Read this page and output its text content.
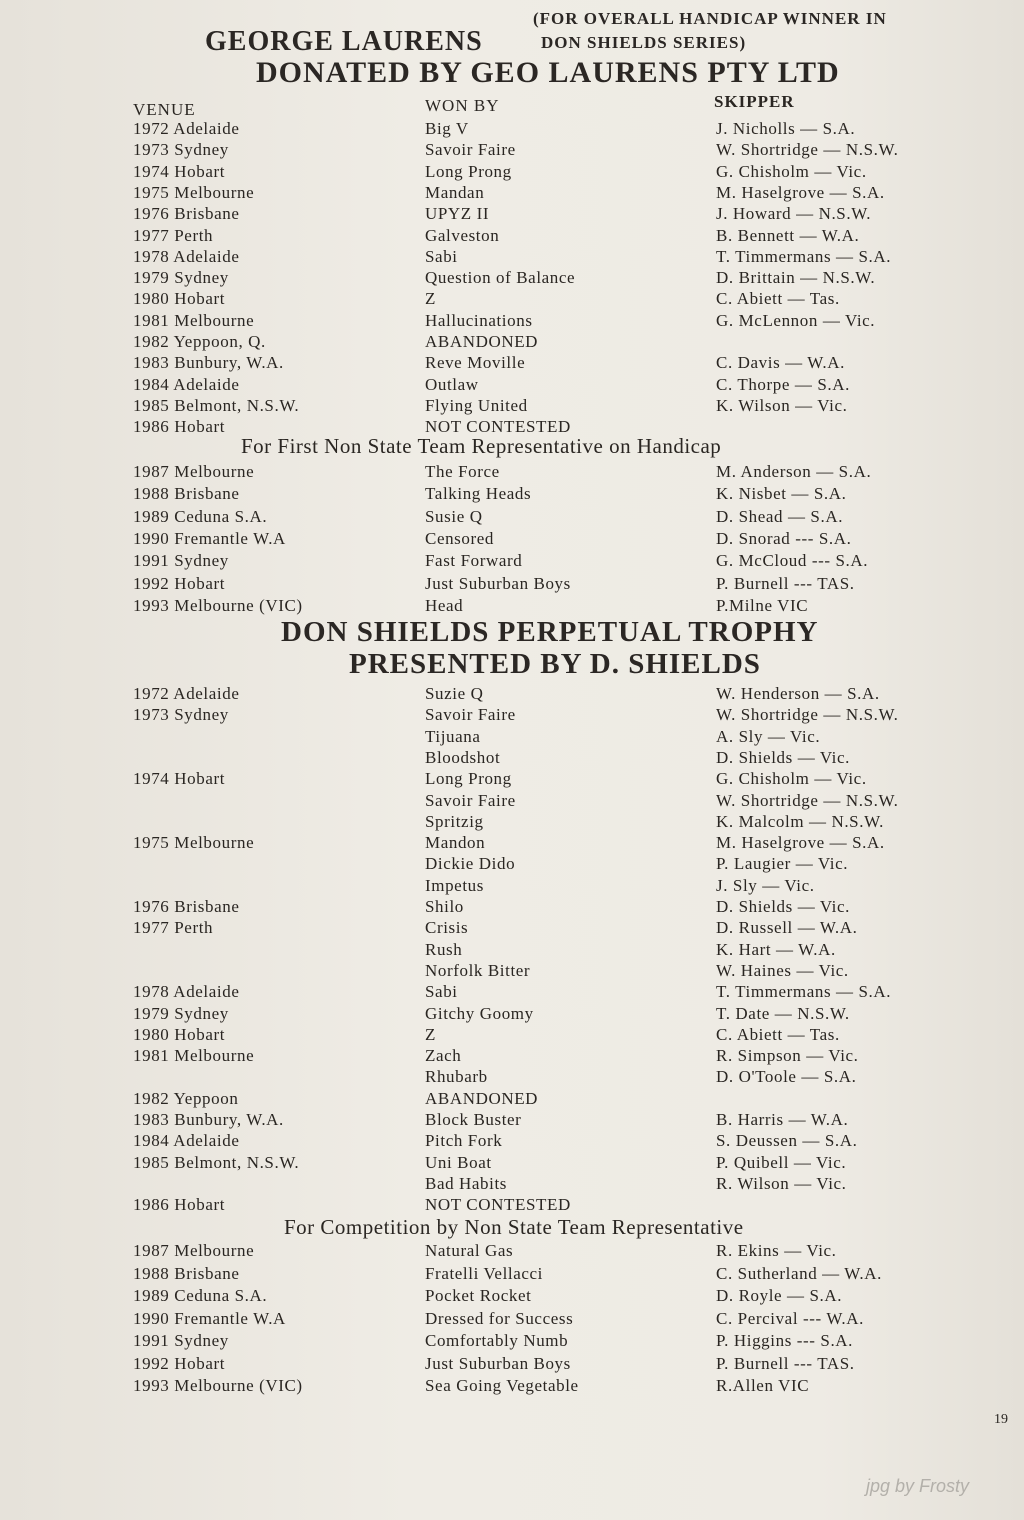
GEORGE LAURENS
(FOR OVERALL HANDICAP WINNER IN
DON SHIELDS SERIES)
DONATED BY GEO LAURENS PTY LTD
VENUE	WON BY	SKIPPER
1972 Adelaide	Big V	J. Nicholls — S.A.
1973 Sydney	Savoir Faire	W. Shortridge — N.S.W.
1974 Hobart	Long Prong	G. Chisholm — Vic.
1975 Melbourne	Mandan	M. Haselgrove — S.A.
1976 Brisbane	UPYZ II	J. Howard — N.S.W.
1977 Perth	Galveston	B. Bennett — W.A.
1978 Adelaide	Sabi	T. Timmermans — S.A.
1979 Sydney	Question of Balance	D. Brittain — N.S.W.
1980 Hobart	Z	C. Abiett — Tas.
1981 Melbourne	Hallucinations	G. McLennon — Vic.
1982 Yeppoon, Q.	ABANDONED
1983 Bunbury, W.A.	Reve Moville	C. Davis — W.A.
1984 Adelaide	Outlaw	C. Thorpe — S.A.
1985 Belmont, N.S.W.	Flying United	K. Wilson — Vic.
1986 Hobart	NOT CONTESTED
For First Non State Team Representative on Handicap
1987 Melbourne	The Force	M. Anderson — S.A.
1988 Brisbane	Talking Heads	K. Nisbet — S.A.
1989 Ceduna S.A.	Susie Q	D. Shead — S.A.
1990 Fremantle W.A	Censored	D. Snorad --- S.A.
1991 Sydney	Fast Forward	G. McCloud --- S.A.
1992 Hobart	Just Suburban Boys	P. Burnell --- TAS.
1993 Melbourne (VIC)	Head	P.Milne VIC
DON SHIELDS PERPETUAL TROPHY
PRESENTED BY D. SHIELDS
1972 Adelaide	Suzie Q	W. Henderson — S.A.
1973 Sydney	Savoir Faire	W. Shortridge — N.S.W.
Tijuana	A. Sly — Vic.
Bloodshot	D. Shields — Vic.
1974 Hobart	Long Prong	G. Chisholm — Vic.
Savoir Faire	W. Shortridge — N.S.W.
Spritzig	K. Malcolm — N.S.W.
1975 Melbourne	Mandon	M. Haselgrove — S.A.
Dickie Dido	P. Laugier — Vic.
Impetus	J. Sly — Vic.
1976 Brisbane	Shilo	D. Shields — Vic.
1977 Perth	Crisis	D. Russell — W.A.
Rush	K. Hart — W.A.
Norfolk Bitter	W. Haines — Vic.
1978 Adelaide	Sabi	T. Timmermans — S.A.
1979 Sydney	Gitchy Goomy	T. Date — N.S.W.
1980 Hobart	Z	C. Abiett — Tas.
1981 Melbourne	Zach	R. Simpson — Vic.
Rhubarb	D. O'Toole — S.A.
1982 Yeppoon	ABANDONED
1983 Bunbury, W.A.	Block Buster	B. Harris — W.A.
1984 Adelaide	Pitch Fork	S. Deussen — S.A.
1985 Belmont, N.S.W.	Uni Boat	P. Quibell — Vic.
Bad Habits	R. Wilson — Vic.
1986 Hobart	NOT CONTESTED
For Competition by Non State Team Representative
1987 Melbourne	Natural Gas	R. Ekins — Vic.
1988 Brisbane	Fratelli Vellacci	C. Sutherland — W.A.
1989 Ceduna S.A.	Pocket Rocket	D. Royle — S.A.
1990 Fremantle W.A	Dressed for Success	C. Percival --- W.A.
1991 Sydney	Comfortably Numb	P. Higgins --- S.A.
1992 Hobart	Just Suburban Boys	P. Burnell --- TAS.
1993 Melbourne (VIC)	Sea Going Vegetable	R.Allen VIC
19
jpg by Frosty
